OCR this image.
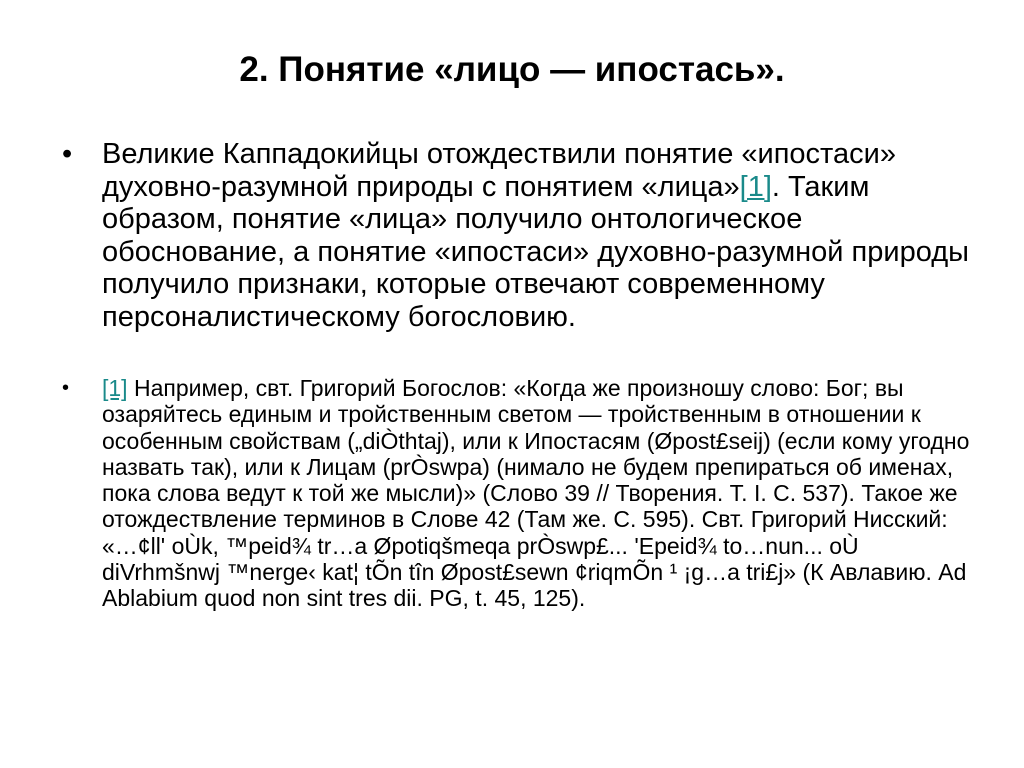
2. Понятие «лицо — ипостась».
• Великие Каппадокийцы отождествили понятие «ипостаси» духовно-разумной природы с понятием «лица»[1]. Таким образом, понятие «лица» получило онтологическое обоснование, а понятие «ипостаси» духовно-разумной природы получило признаки, которые отвечают современному персоналистическому богословию.
• [1] Например, свт. Григорий Богослов: «Когда же произношу слово: Бог; вы озаряйтесь единым и тройственным светом — тройственным в отношении к особенным свойствам („diÒthtaj), или к Ипостасям (Øpost£seij) (если кому угодно назвать так), или к Лицам (prÒswpa) (нимало не будем препираться об именах, пока слова ведут к той же мысли)» (Слово 39 // Творения. Т. I. С. 537). Такое же отождествление терминов в Слове 42 (Там же. С. 595). Свт. Григорий Нисский: «…¢ll' oÙk, ™peid¾ tr…a Øpotiqšmeqa prÒswp£... 'Epeid¾ to…nun... oÙ diVrhmšnwj ™nerge‹ kat¦ tÕn tîn Øpost£sewn ¢riqmÕn ¹ ¡g…a tri£j» (К Авлавию. Ad Ablabium quod non sint tres dii. PG, t. 45, 125).
